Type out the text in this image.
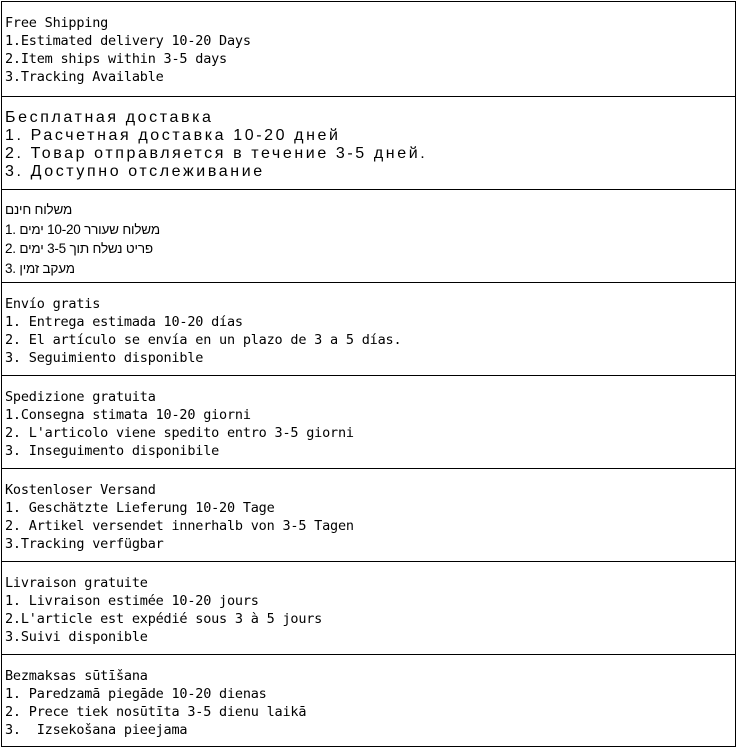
Free Shipping
1.Estimated delivery 10-20 Days
2.Item ships within 3-5 days
3.Tracking Available
Бесплатная доставка
1. Расчетная доставка 10-20 дней
2. Товар отправляется в течение 3-5 дней.
3. Доступно отслеживание
משלוח חינם
1. משלוח שעורר 10-20 ימים
2. פריט נשלח תוך 3-5 ימים
3. מעקב זמין
Envío gratis
1. Entrega estimada 10-20 días
2. El artículo se envía en un plazo de 3 a 5 días.
3. Seguimiento disponible
Spedizione gratuita
1.Consegna stimata 10-20 giorni
2. L'articolo viene spedito entro 3-5 giorni
3. Inseguimento disponibile
Kostenloser Versand
1. Geschätzte Lieferung 10-20 Tage
2. Artikel versendet innerhalb von 3-5 Tagen
3.Tracking verfügbar
Livraison gratuite
1. Livraison estimée 10-20 jours
2.L'article est expédié sous 3 à 5 jours
3.Suivi disponible
Bezmaksas sūtīšana
1. Paredzamā piegāde 10-20 dienas
2. Prece tiek nosūtīta 3-5 dienu laikā
3.  Izsekošana pieejama
